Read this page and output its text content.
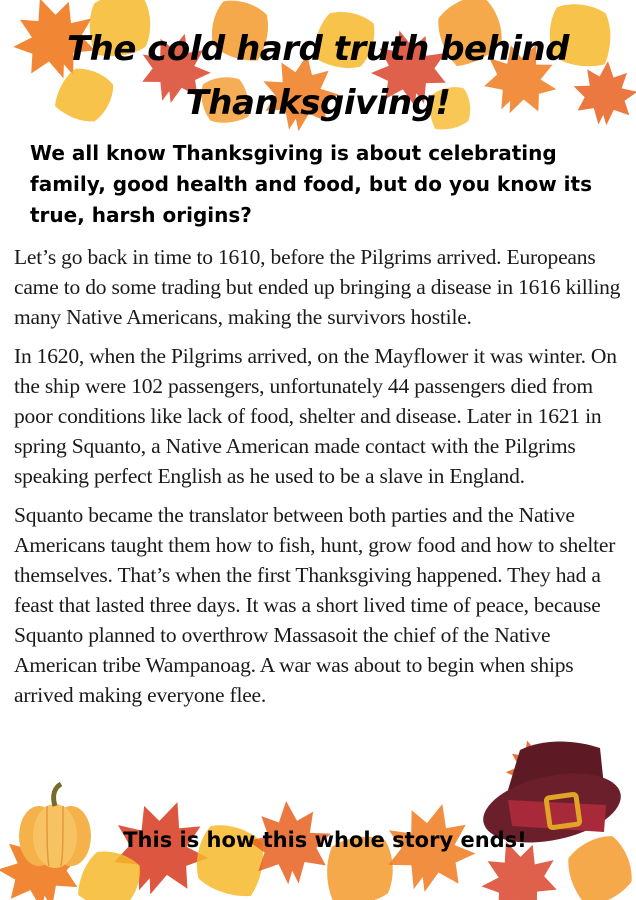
The cold hard truth behind
Thanksgiving!

We all know Thanksgiving is about celebrating family, good health and food, but do you know its true, harsh origins?

Let’s go back in time to 1610, before the Pilgrims arrived. Europeans came to do some trading but ended up bringing a disease in 1616 killing many Native Americans, making the survivors hostile.

In 1620, when the Pilgrims arrived, on the Mayflower it was winter. On the ship were 102 passengers, unfortunately 44 passengers died from poor conditions like lack of food, shelter and disease. Later in 1621 in spring Squanto, a Native American made contact with the Pilgrims speaking perfect English as he used to be a slave in England.

Squanto became the translator between both parties and the Native Americans taught them how to fish, hunt, grow food and how to shelter themselves. That’s when the first Thanksgiving happened. They had a feast that lasted three days. It was a short lived time of peace, because Squanto planned to overthrow Massasoit the chief of the Native American tribe Wampanoag. A war was about to begin when ships arrived making everyone flee.

This is how this whole story ends!
